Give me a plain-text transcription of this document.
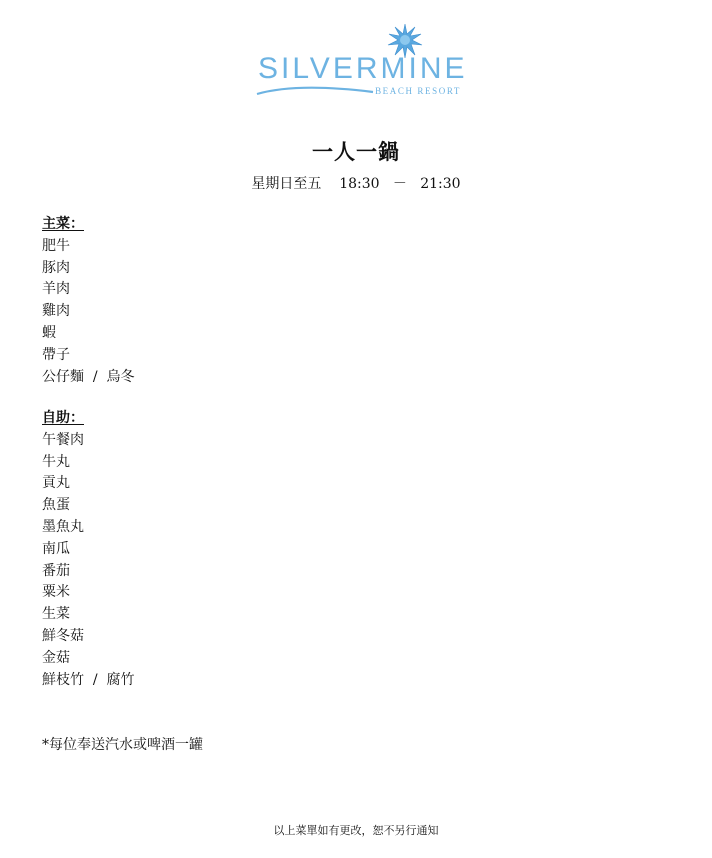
SILVERMINE
BEACH RESORT
一人一鍋
星期日至五    18:30   －   21:30
主菜：
肥牛
豚肉
羊肉
雞肉
蝦
帶子
公仔麵  /  烏冬
自助：
午餐肉
牛丸
貢丸
魚蛋
墨魚丸
南瓜
番茄
粟米
生菜
鮮冬菇
金菇
鮮枝竹  /  腐竹
*每位奉送汽水或啤酒一罐
以上菜單如有更改，恕不另行通知
